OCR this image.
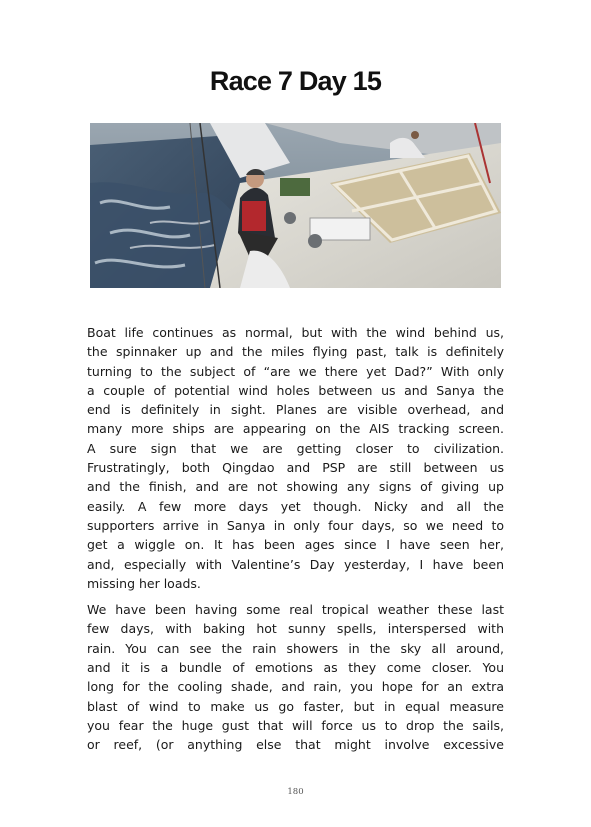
Race 7 Day 15
Boat life continues as normal, but with the wind behind us,
the spinnaker up and the miles flying past, talk is definitely
turning to the subject of “are we there yet Dad?” With only
a couple of potential wind holes between us and Sanya the
end is definitely in sight. Planes are visible overhead, and
many more ships are appearing on the AIS tracking screen.
A sure sign that we are getting closer to civilization.
Frustratingly, both Qingdao and PSP are still between us
and the finish, and are not showing any signs of giving up
easily. A few more days yet though. Nicky and all the
supporters arrive in Sanya in only four days, so we need to
get a wiggle on. It has been ages since I have seen her,
and, especially with Valentine’s Day yesterday, I have been
missing her loads.
We have been having some real tropical weather these last
few days, with baking hot sunny spells, interspersed with
rain. You can see the rain showers in the sky all around,
and it is a bundle of emotions as they come closer. You
long for the cooling shade, and rain, you hope for an extra
blast of wind to make us go faster, but in equal measure
you fear the huge gust that will force us to drop the sails,
or reef, (or anything else that might involve excessive
180
